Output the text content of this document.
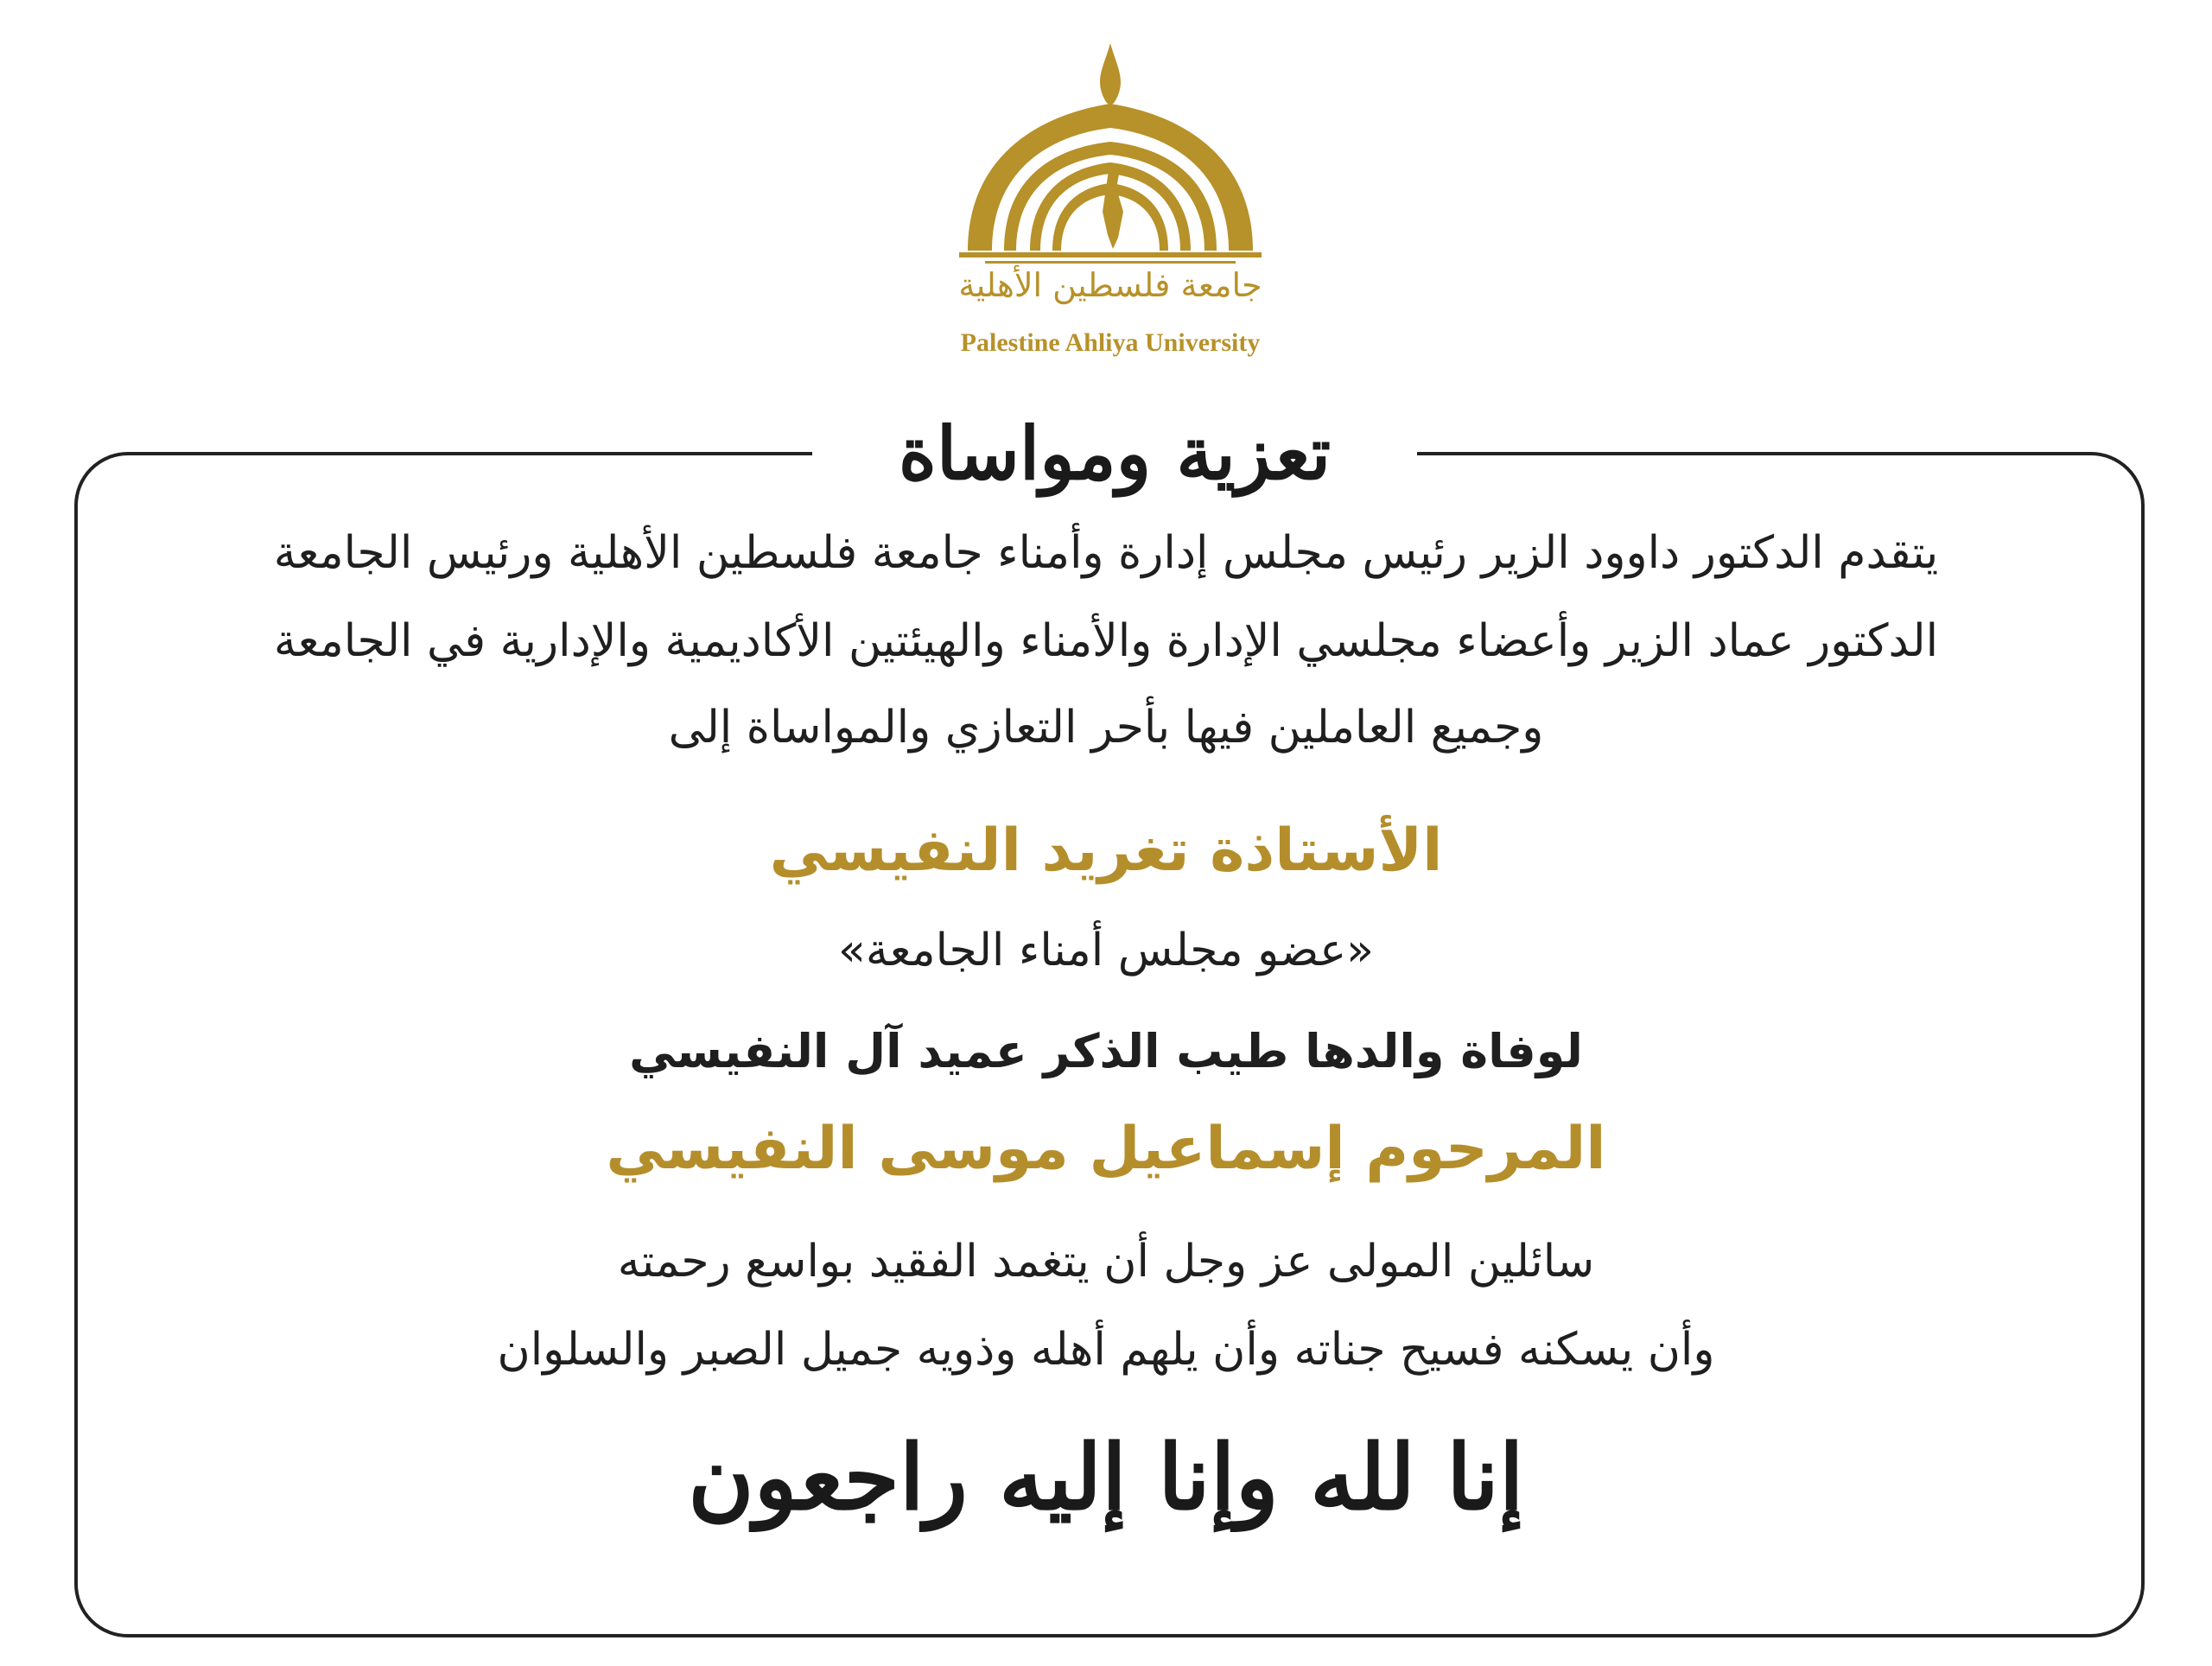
جامعة فلسطين الأهلية
Palestine Ahliya University
تعزية ومواساة
يتقدم الدكتور داوود الزير رئيس مجلس إدارة وأمناء جامعة فلسطين الأهلية ورئيس الجامعة
الدكتور عماد الزير وأعضاء مجلسي الإدارة والأمناء والهيئتين الأكاديمية والإدارية في الجامعة
وجميع العاملين فيها بأحر التعازي والمواساة إلى
الأستاذة تغريد النفيسي
«عضو مجلس أمناء الجامعة»
لوفاة والدها طيب الذكر عميد آل النفيسي
المرحوم إسماعيل موسى النفيسي
سائلين المولى عز وجل أن يتغمد الفقيد بواسع رحمته
وأن يسكنه فسيح جناته وأن يلهم أهله وذويه جميل الصبر والسلوان
إنا لله وإنا إليه راجعون
